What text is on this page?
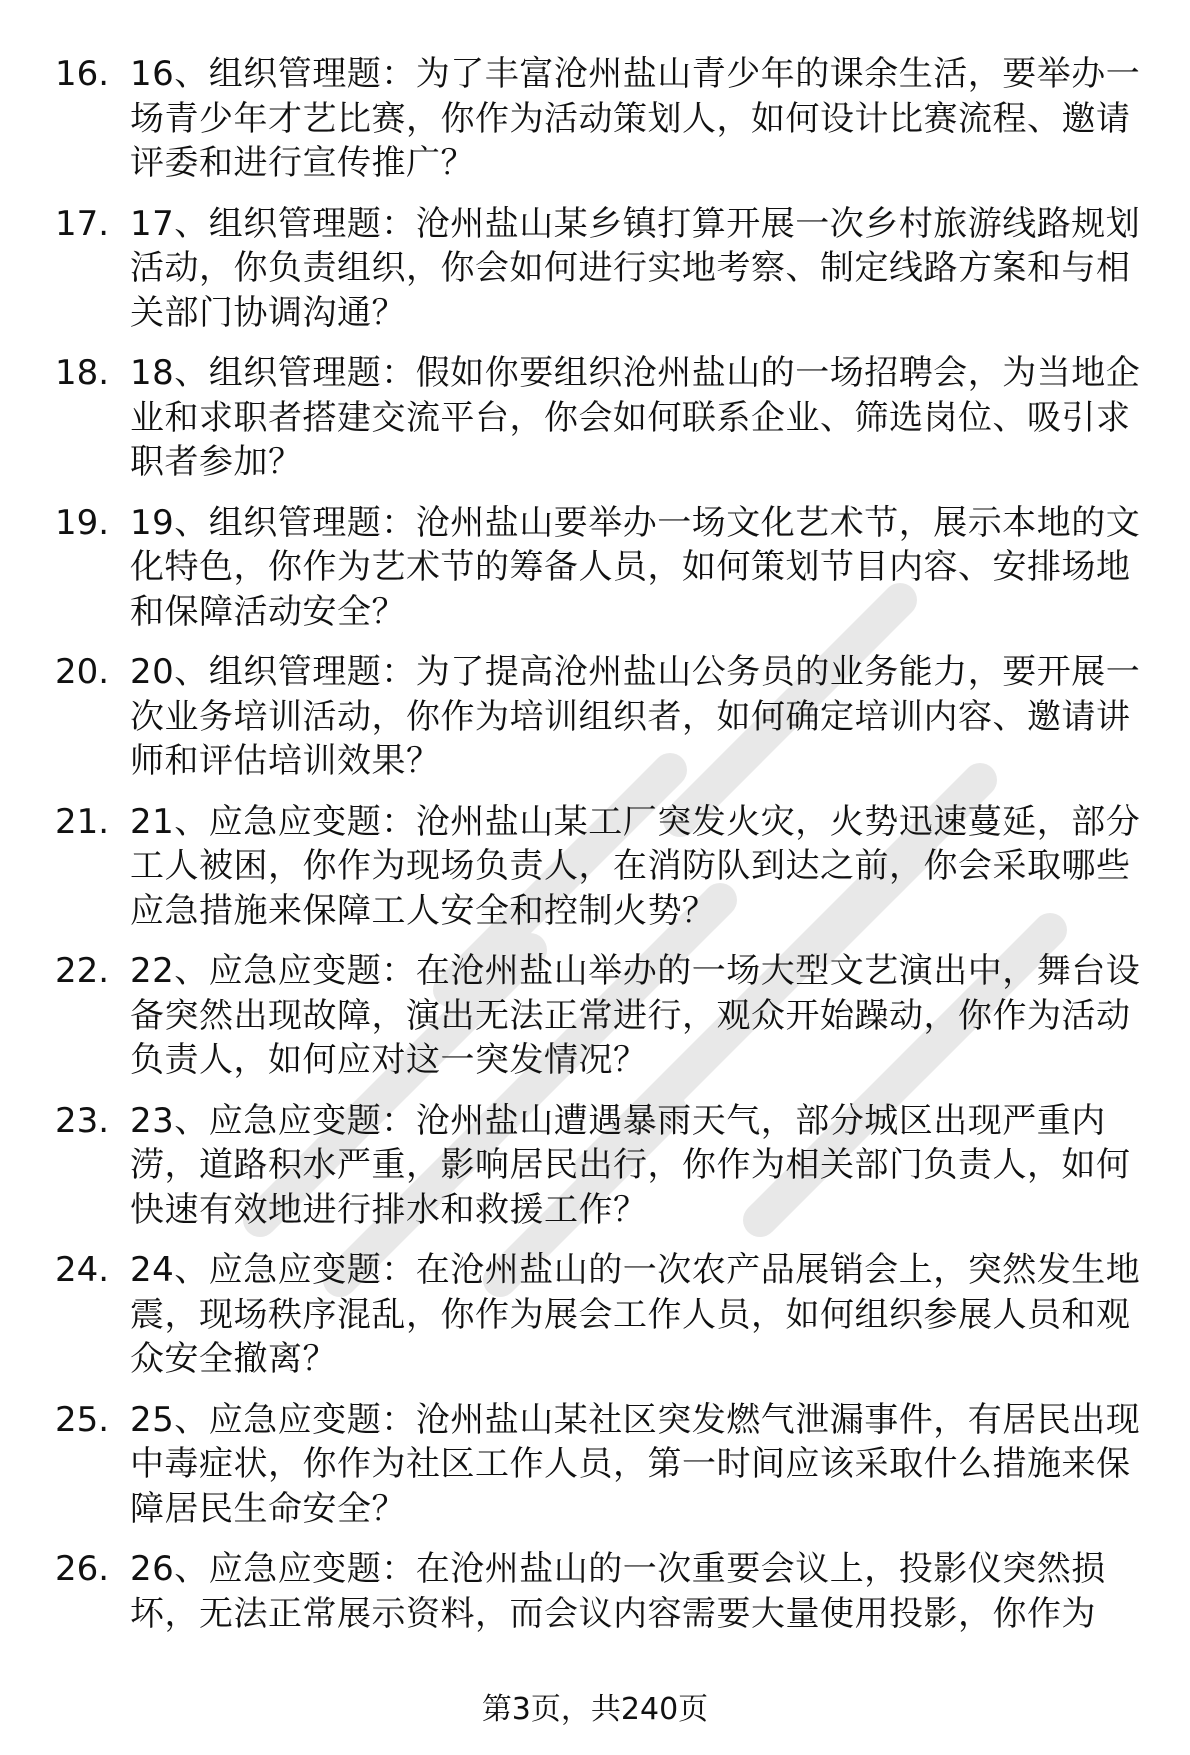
16. 16、组织管理题：为了丰富沧州盐山青少年的课余生活，要举办一场青少年才艺比赛，你作为活动策划人，如何设计比赛流程、邀请评委和进行宣传推广？
17. 17、组织管理题：沧州盐山某乡镇打算开展一次乡村旅游线路规划活动，你负责组织，你会如何进行实地考察、制定线路方案和与相关部门协调沟通？
18. 18、组织管理题：假如你要组织沧州盐山的一场招聘会，为当地企业和求职者搭建交流平台，你会如何联系企业、筛选岗位、吸引求职者参加？
19. 19、组织管理题：沧州盐山要举办一场文化艺术节，展示本地的文化特色，你作为艺术节的筹备人员，如何策划节目内容、安排场地和保障活动安全？
20. 20、组织管理题：为了提高沧州盐山公务员的业务能力，要开展一次业务培训活动，你作为培训组织者，如何确定培训内容、邀请讲师和评估培训效果？
21. 21、应急应变题：沧州盐山某工厂突发火灾，火势迅速蔓延，部分工人被困，你作为现场负责人，在消防队到达之前，你会采取哪些应急措施来保障工人安全和控制火势？
22. 22、应急应变题：在沧州盐山举办的一场大型文艺演出中，舞台设备突然出现故障，演出无法正常进行，观众开始躁动，你作为活动负责人，如何应对这一突发情况？
23. 23、应急应变题：沧州盐山遭遇暴雨天气，部分城区出现严重内涝，道路积水严重，影响居民出行，你作为相关部门负责人，如何快速有效地进行排水和救援工作？
24. 24、应急应变题：在沧州盐山的一次农产品展销会上，突然发生地震，现场秩序混乱，你作为展会工作人员，如何组织参展人员和观众安全撤离？
25. 25、应急应变题：沧州盐山某社区突发燃气泄漏事件，有居民出现中毒症状，你作为社区工作人员，第一时间应该采取什么措施来保障居民生命安全？
26. 26、应急应变题：在沧州盐山的一次重要会议上，投影仪突然损坏，无法正常展示资料，而会议内容需要大量使用投影，你作为
第3页，共240页
